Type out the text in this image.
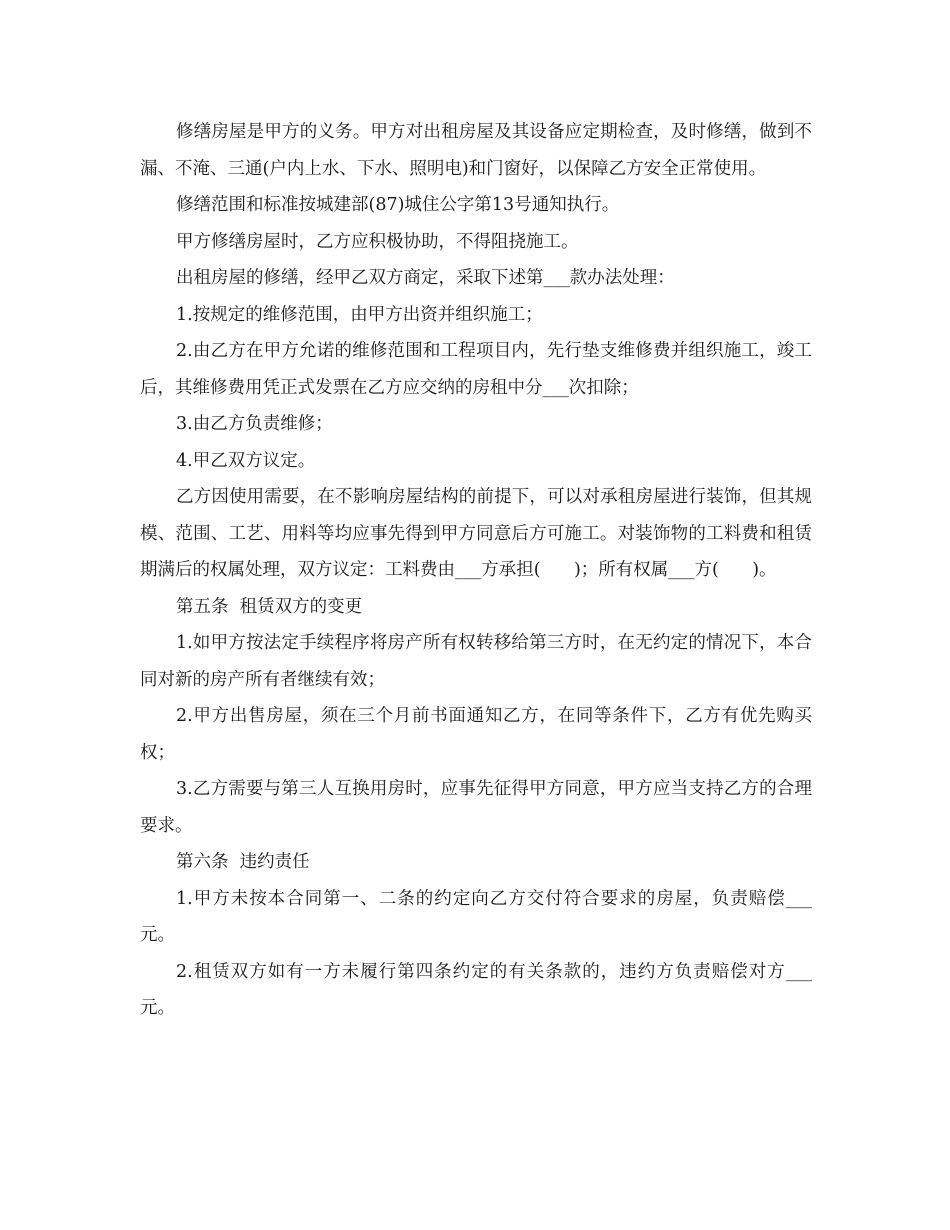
修缮房屋是甲方的义务。甲方对出租房屋及其设备应定期检查，及时修缮，做到不漏、不淹、三通(户内上水、下水、照明电)和门窗好，以保障乙方安全正常使用。

修缮范围和标准按城建部(87)城住公字第13号通知执行。

甲方修缮房屋时，乙方应积极协助，不得阻挠施工。

出租房屋的修缮，经甲乙双方商定，采取下述第___款办法处理：

1.按规定的维修范围，由甲方出资并组织施工；

2.由乙方在甲方允诺的维修范围和工程项目内，先行垫支维修费并组织施工，竣工后，其维修费用凭正式发票在乙方应交纳的房租中分___次扣除；

3.由乙方负责维修；

4.甲乙双方议定。

乙方因使用需要，在不影响房屋结构的前提下，可以对承租房屋进行装饰，但其规模、范围、工艺、用料等均应事先得到甲方同意后方可施工。对装饰物的工料费和租赁期满后的权属处理，双方议定：工料费由___方承担(      )；所有权属___方(      )。

第五条  租赁双方的变更

1.如甲方按法定手续程序将房产所有权转移给第三方时，在无约定的情况下，本合同对新的房产所有者继续有效；

2.甲方出售房屋，须在三个月前书面通知乙方，在同等条件下，乙方有优先购买权；

3.乙方需要与第三人互换用房时，应事先征得甲方同意，甲方应当支持乙方的合理要求。

第六条  违约责任

1.甲方未按本合同第一、二条的约定向乙方交付符合要求的房屋，负责赔偿___元。

2.租赁双方如有一方未履行第四条约定的有关条款的，违约方负责赔偿对方___元。
